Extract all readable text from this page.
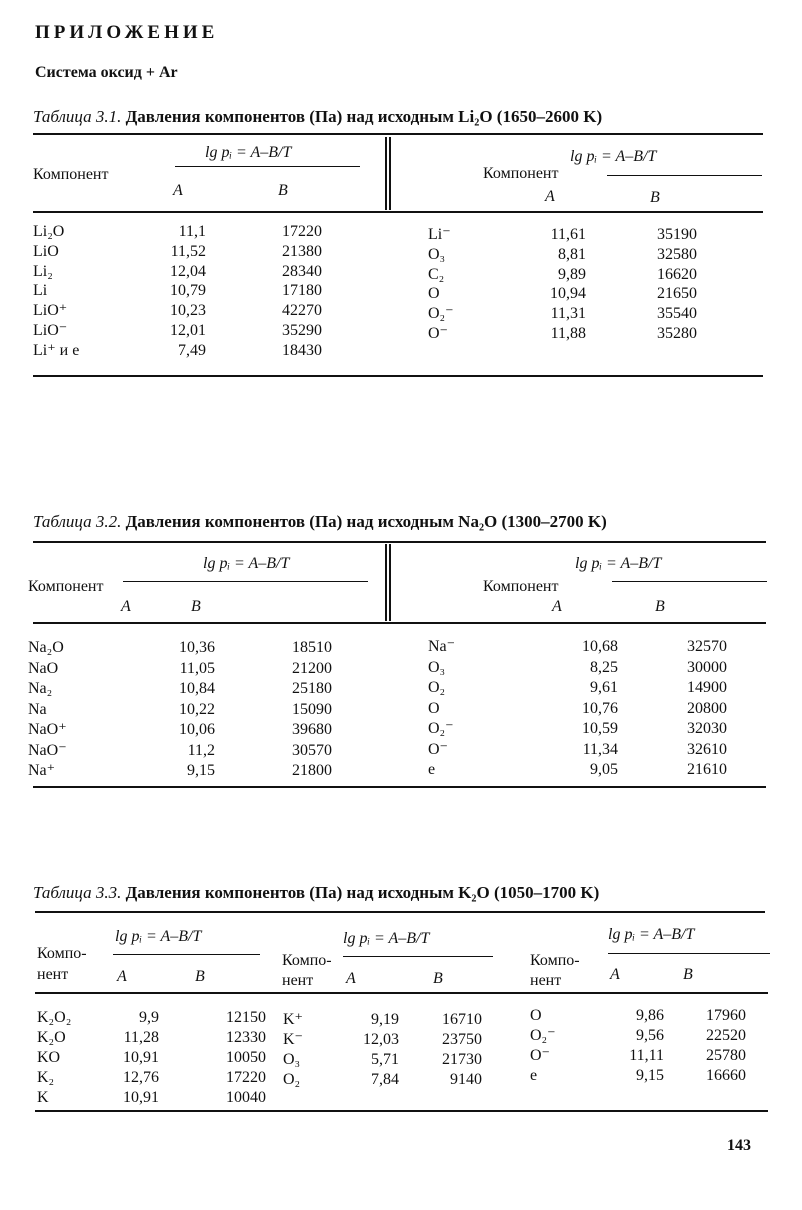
ПРИЛОЖЕНИЕ
Система оксид + Ar
Таблица 3.1. Давления компонентов (Па) над исходным Li₂O (1650–2600 K)
lg pᵢ = A–B/T
Компонент
A	B
lg pᵢ = A–B/T
Компонент
A	B
Li₂O	11,1	17220
LiO	11,52	21380
Li₂	12,04	28340
Li	10,79	17180
LiO⁺	10,23	42270
LiO⁻	12,01	35290
Li⁺ и e	7,49	18430
Li⁻	11,61	35190
O₃	8,81	32580
C₂	9,89	16620
O	10,94	21650
O₂⁻	11,31	35540
O⁻	11,88	35280
Таблица 3.2. Давления компонентов (Па) над исходным Na₂O (1300–2700 K)
lg pᵢ = A–B/T
Компонент
A	B
lg pᵢ = A–B/T
Компонент
A	B
Na₂O	10,36	18510
NaO	11,05	21200
Na₂	10,84	25180
Na	10,22	15090
NaO⁺	10,06	39680
NaO⁻	11,2	30570
Na⁺	9,15	21800
Na⁻	10,68	32570
O₃	8,25	30000
O₂	9,61	14900
O	10,76	20800
O₂⁻	10,59	32030
O⁻	11,34	32610
e	9,05	21610
Таблица 3.3. Давления компонентов (Па) над исходным K₂O (1050–1700 K)
lg pᵢ = A–B/T
Компо-
нент	A	B
lg pᵢ = A–B/T
Компо-
нент A	B
lg pᵢ = A–B/T
Компо-
нент	A	B
K₂O₂	9,9	12150
K₂O	11,28	12330
KO	10,91	10050
K₂	12,76	17220
K	10,91	10040
K⁺	9,19	16710
K⁻	12,03	23750
O₃	5,71	21730
O₂	7,84	9140
O	9,86	17960
O₂⁻	9,56	22520
O⁻	11,11	25780
e	9,15	16660
143
